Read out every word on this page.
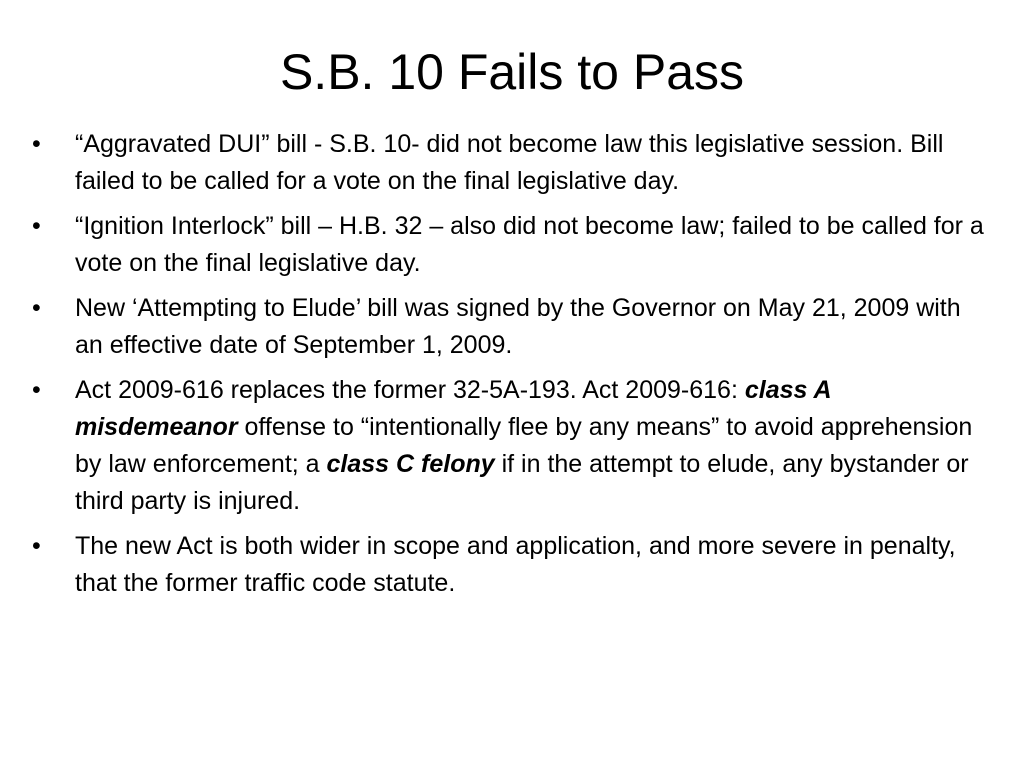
S.B. 10 Fails to Pass
• “Aggravated DUI” bill - S.B. 10- did not become law this legislative session. Bill failed to be called for a vote on the final legislative day.
• “Ignition Interlock” bill – H.B. 32 – also did not become law; failed to be called for a vote on the final legislative day.
• New ‘Attempting to Elude’ bill was signed by the Governor on May 21, 2009 with an effective date of September 1, 2009.
• Act 2009-616 replaces the former 32-5A-193. Act 2009-616: class A misdemeanor offense to “intentionally flee by any means” to avoid apprehension by law enforcement; a class C felony if in the attempt to elude, any bystander or third party is injured.
• The new Act is both wider in scope and application, and more severe in penalty, that the former traffic code statute.
